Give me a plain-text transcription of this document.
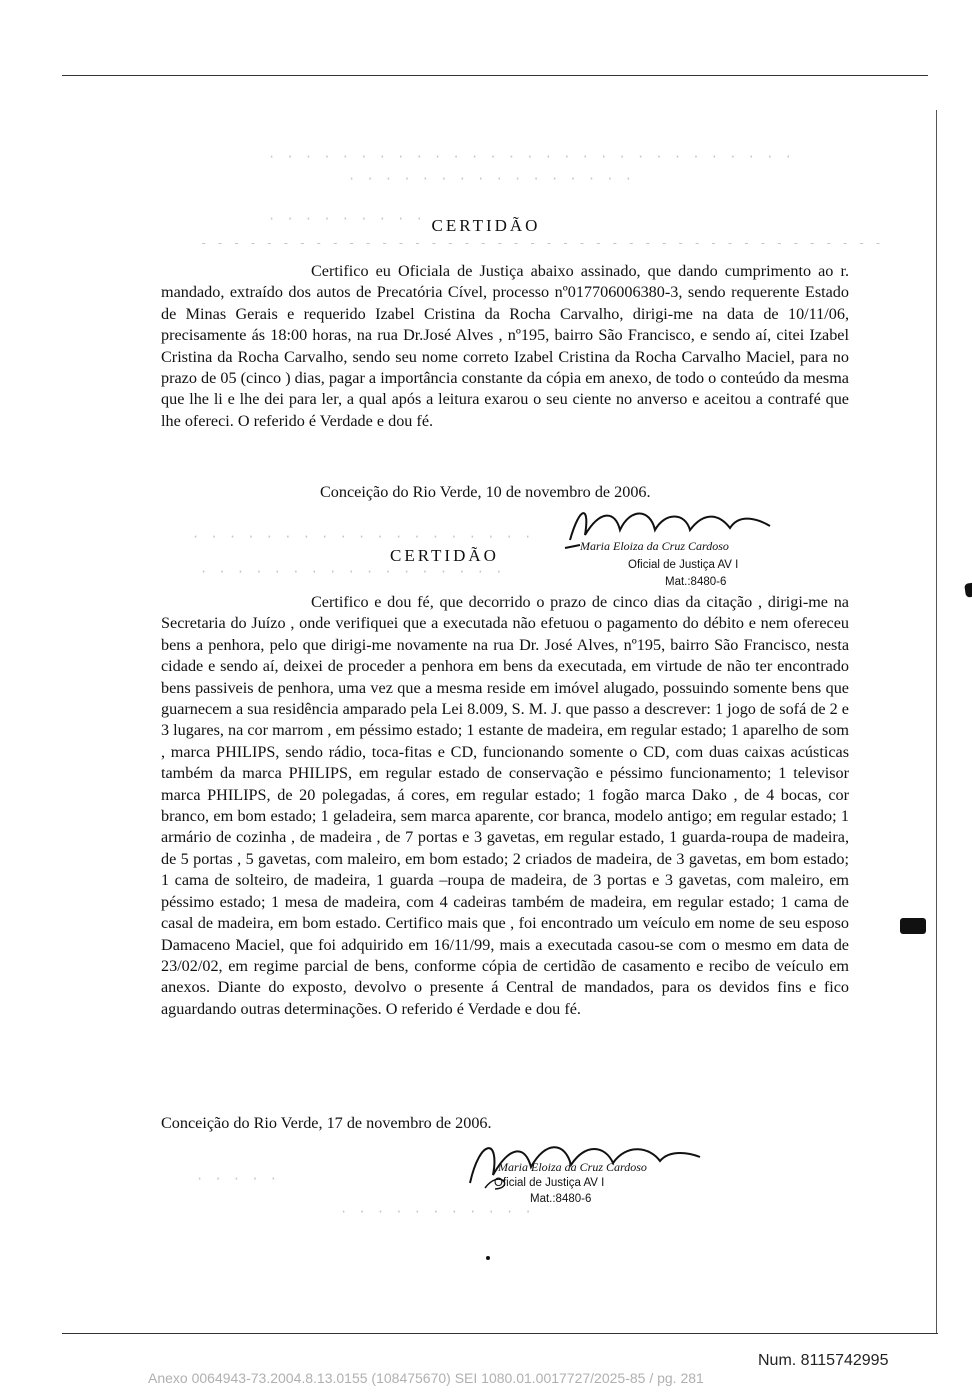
· · · · · · · · · · · · · · · · · · · · · · · · · · · · ·
· · · · · · · · · · · · · · · ·
· · · · · · · · ·
- - - - - - - - - - - - - - - - - - - - - - - - - - - - - - - - - - - - - - - - - -
CERTIDÃO

Certifico eu Oficiala de Justiça abaixo assinado, que dando cumprimento ao r. mandado, extraído dos autos de Precatória Cível, processo nº017706006380-3, sendo requerente Estado de Minas Gerais e requerido Izabel Cristina da Rocha Carvalho, dirigi-me na data de 10/11/06, precisamente ás 18:00 horas, na rua Dr.José Alves , nº195, bairro São Francisco, e sendo aí, citei Izabel Cristina da Rocha Carvalho, sendo seu nome correto Izabel Cristina da Rocha Carvalho Maciel, para no prazo de 05 (cinco ) dias, pagar a importância constante da cópia em anexo, de todo o conteúdo da mesma que lhe li e lhe dei para ler, a qual após a leitura exarou o seu ciente no anverso e aceitou a contrafé que lhe ofereci. O referido é Verdade e dou fé.

Conceição do Rio Verde, 10 de novembro de 2006.
Maria Eloiza da Cruz Cardoso
Oficial de Justiça AV I
Mat.:8480-6
· · · · · · · · · · · · · · · · · · ·
· · · · · · · · · · · · · · · · ·
CERTIDÃO

Certifico e dou fé, que decorrido o prazo de cinco dias da citação , dirigi-me na Secretaria do Juízo , onde verifiquei que a executada não efetuou o pagamento do débito e nem ofereceu bens a penhora, pelo que dirigi-me novamente na rua Dr. José Alves, nº195, bairro São Francisco, nesta cidade e sendo aí, deixei de proceder a penhora em bens da executada, em virtude de não ter encontrado bens passiveis de penhora, uma vez que a mesma reside em imóvel alugado, possuindo somente bens que guarnecem a sua residência amparado pela Lei 8.009, S. M. J. que passo a descrever: 1 jogo de sofá de 2 e 3 lugares, na cor marrom , em péssimo estado; 1 estante de madeira, em regular estado; 1 aparelho de som , marca PHILIPS, sendo rádio, toca-fitas e CD, funcionando somente o CD, com duas caixas acústicas também da marca PHILIPS, em regular estado de conservação e péssimo funcionamento; 1 televisor marca PHILIPS, de 20 polegadas, á cores, em regular estado; 1 fogão marca Dako , de 4 bocas, cor branco, em bom estado; 1 geladeira, sem marca aparente, cor branca, modelo antigo; em regular estado; 1 armário de cozinha , de madeira , de 7 portas e 3 gavetas, em regular estado, 1 guarda-roupa de madeira, de 5 portas , 5 gavetas, com maleiro, em bom estado; 2 criados de madeira, de 3 gavetas, em bom estado; 1 cama de solteiro, de madeira, 1 guarda –roupa de madeira, de 3 portas e 3 gavetas, com maleiro, em péssimo estado; 1 mesa de madeira, com 4 cadeiras também de madeira, em regular estado; 1 cama de casal de madeira, em bom estado. Certifico mais que , foi encontrado um veículo em nome de seu esposo Damaceno Maciel, que foi adquirido em 16/11/99, mais a executada casou-se com o mesmo em data de 23/02/02, em regime parcial de bens, conforme cópia de certidão de casamento e recibo de veículo em anexos. Diante do exposto, devolvo o presente á Central de mandados, para os devidos fins e fico aguardando outras determinações. O referido é Verdade e dou fé.

Conceição do Rio Verde, 17 de novembro de 2006.
Maria Eloiza da Cruz Cardoso
Oficial de Justiça AV I
Mat.:8480-6
· · · · ·
· · · · · · · · · · ·
Num. 8115742995
Anexo 0064943-73.2004.8.13.0155 (108475670) SEI 1080.01.0017727/2025-85 / pg. 281
